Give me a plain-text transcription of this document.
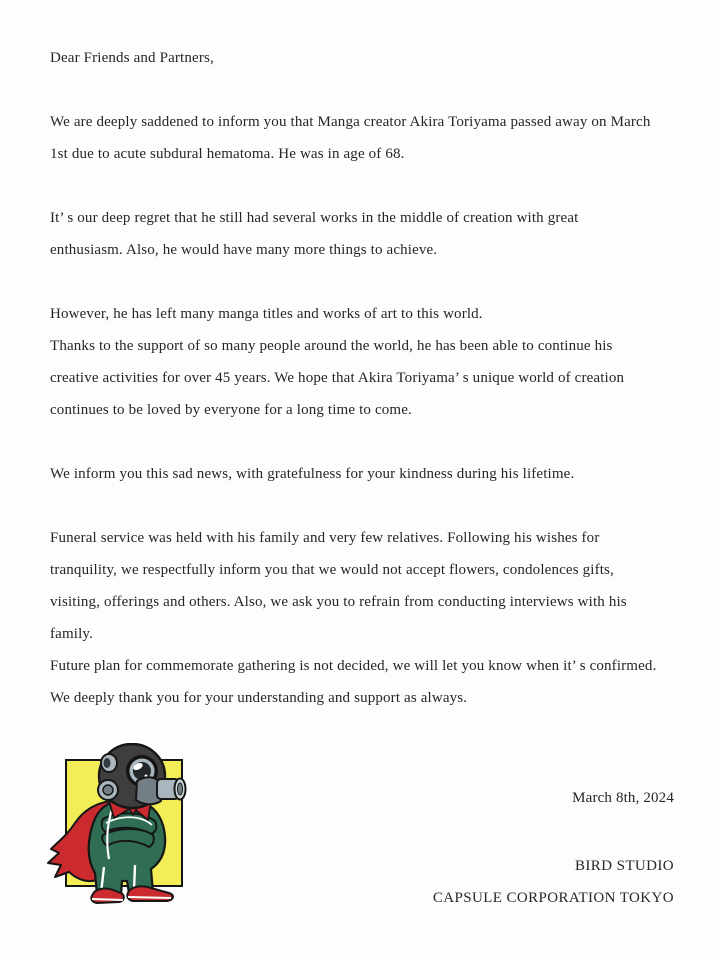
Dear Friends and Partners,
We are deeply saddened to inform you that Manga creator Akira Toriyama passed away on March
1st due to acute subdural hematoma. He was in age of 68.
It’ s our deep regret that he still had several works in the middle of creation with great
enthusiasm. Also, he would have many more things to achieve.
However, he has left many manga titles and works of art to this world.
Thanks to the support of so many people around the world, he has been able to continue his
creative activities for over 45 years. We hope that Akira Toriyama’ s unique world of creation
continues to be loved by everyone for a long time to come.
We inform you this sad news, with gratefulness for your kindness during his lifetime.
Funeral service was held with his family and very few relatives. Following his wishes for
tranquility, we respectfully inform you that we would not accept flowers, condolences gifts,
visiting, offerings and others. Also, we ask you to refrain from conducting interviews with his
family.
Future plan for commemorate gathering is not decided, we will let you know when it’ s confirmed.
We deeply thank you for your understanding and support as always.
March 8th, 2024
BIRD STUDIO
CAPSULE CORPORATION TOKYO
